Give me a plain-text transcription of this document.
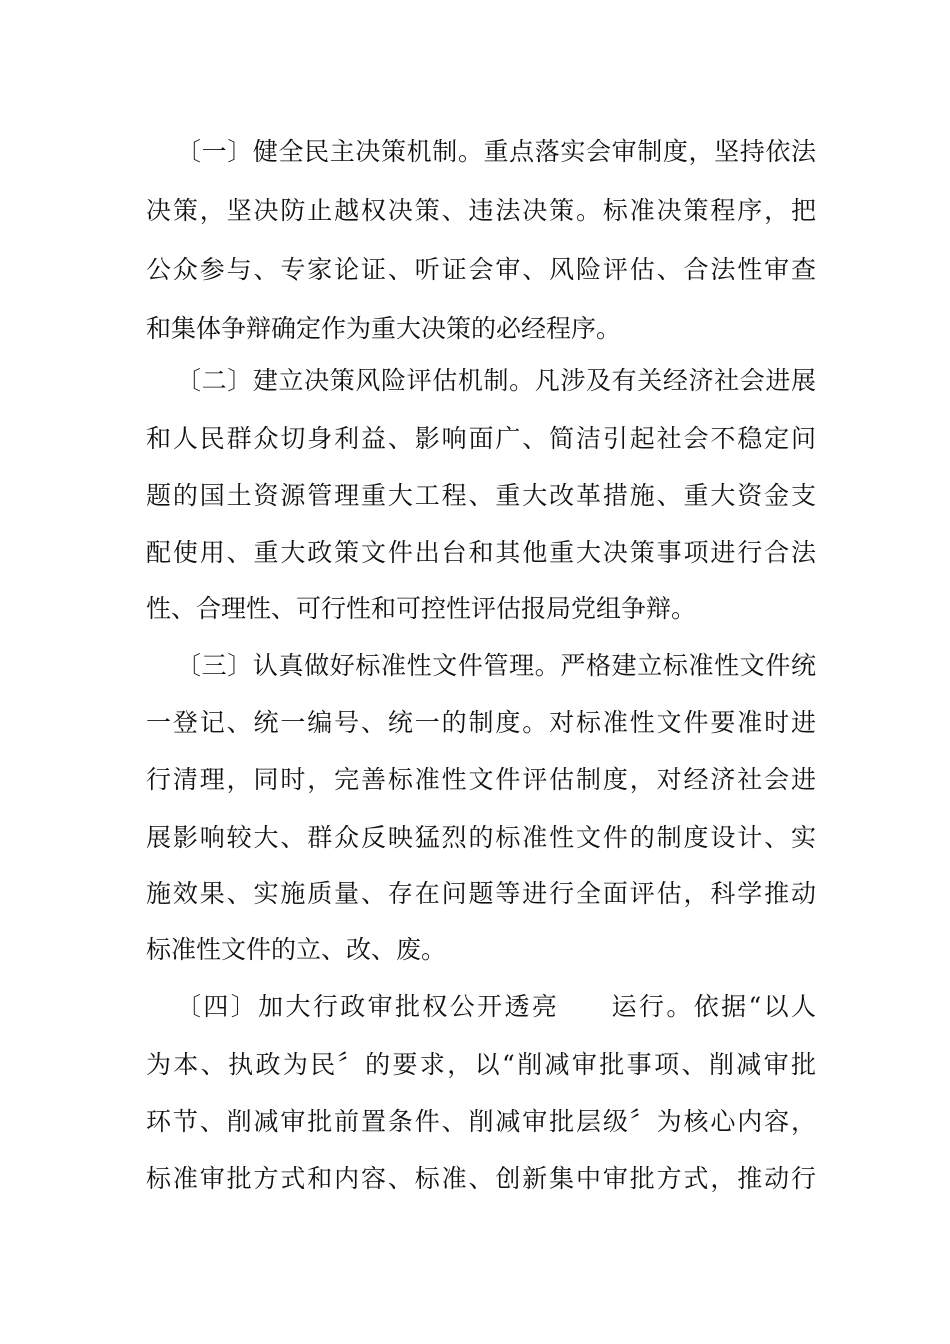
〔一〕健全民主决策机制。重点落实会审制度，坚持依法
决策，坚决防止越权决策、违法决策。标准决策程序，把
公众参与、专家论证、听证会审、风险评估、合法性审查
和集体争辩确定作为重大决策的必经程序。
〔二〕建立决策风险评估机制。凡涉及有关经济社会进展
和人民群众切身利益、影响面广、简洁引起社会不稳定问
题的国土资源管理重大工程、重大改革措施、重大资金支
配使用、重大政策文件出台和其他重大决策事项进行合法
性、合理性、可行性和可控性评估报局党组争辩。
〔三〕认真做好标准性文件管理。严格建立标准性文件统
一登记、统一编号、统一的制度。对标准性文件要准时进
行清理，同时，完善标准性文件评估制度，对经济社会进
展影响较大、群众反映猛烈的标准性文件的制度设计、实
施效果、实施质量、存在问题等进行全面评估，科学推动
标准性文件的立、改、废。
〔四〕加大行政审批权公开透亮 运行。依据“以人
为本、执政为民〞的要求，以“削减审批事项、削减审批
环节、削减审批前置条件、削减审批层级〞为核心内容，
标准审批方式和内容、标准、创新集中审批方式，推动行
